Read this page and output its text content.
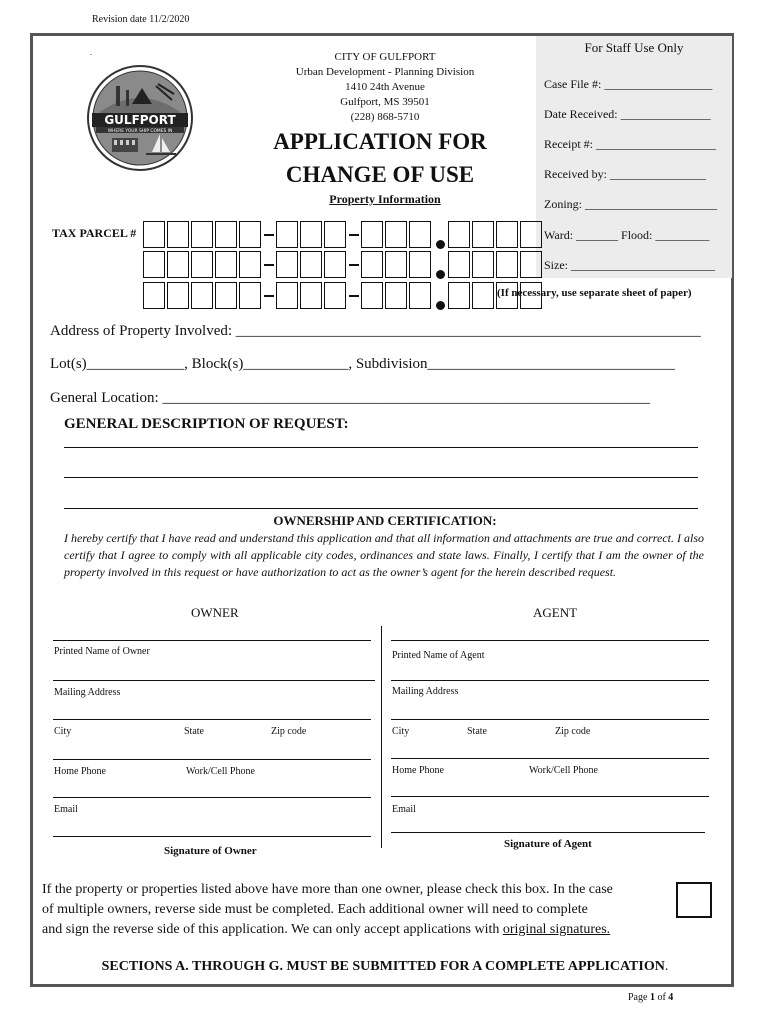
Revision date 11/2/2020
For Staff Use Only
Case File #: __________________
Date Received: _______________
Receipt #: ____________________
Received by: ________________
Zoning: ______________________
Ward: _______ Flood: _________
Size: ________________________
.
GULFPORT
WHERE YOUR SHIP COMES IN
CITY OF GULFPORT
Urban Development - Planning Division
1410 24th Avenue
Gulfport, MS 39501
(228) 868-5710
APPLICATION FOR
CHANGE OF USE
Property Information
TAX PARCEL #
(If necessary, use separate sheet of paper)
Address of Property Involved: ______________________________________________________________
Lot(s)_____________, Block(s)______________, Subdivision_________________________________
General Location: _________________________________________________________________
GENERAL DESCRIPTION OF REQUEST:
OWNERSHIP AND CERTIFICATION:
I hereby certify that I have read and understand this application and that all information and attachments are true and correct. I also certify that I agree to comply with all applicable city codes, ordinances and state laws. Finally, I certify that I am the owner of the property involved in this request or have authorization to act as the owner’s agent for the herein described request.
OWNER	AGENT
Printed Name of Owner
Mailing Address
City	State	Zip code
Home Phone	Work/Cell Phone
Email
Signature of Owner
Printed Name of Agent
Mailing Address
City	State	Zip code
Home Phone	Work/Cell Phone
Email
Signature of Agent
If the property or properties listed above have more than one owner, please check this box. In the case
of multiple owners, reverse side must be completed. Each additional owner will need to complete
and sign the reverse side of this application. We can only accept applications with original signatures.
SECTIONS A. THROUGH G. MUST BE SUBMITTED FOR A COMPLETE APPLICATION.
Page 1 of 4
